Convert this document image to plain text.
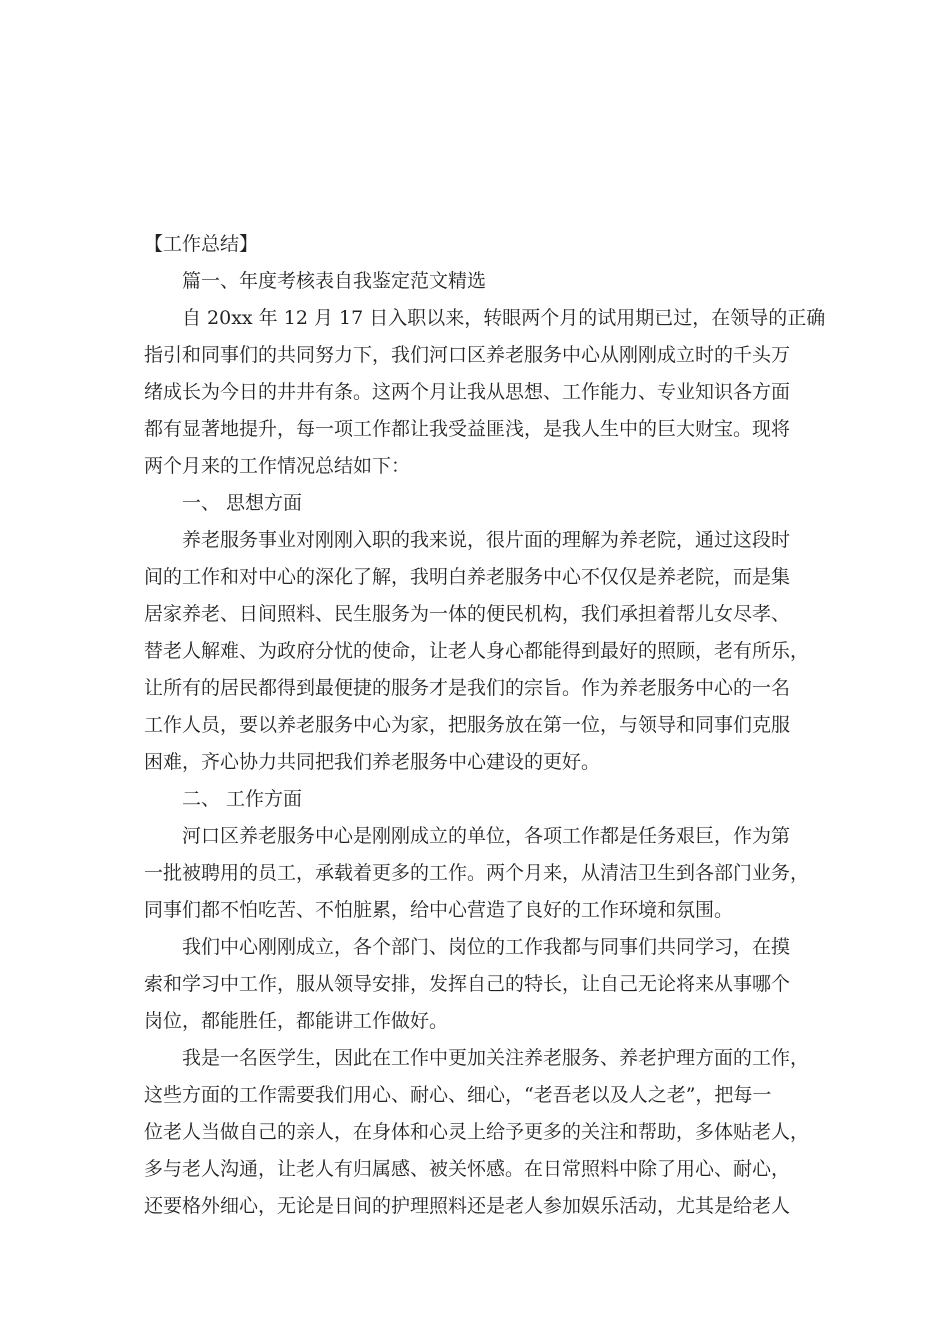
【工作总结】

篇一、年度考核表自我鉴定范文精选

自 20xx 年 12 月 17 日入职以来，转眼两个月的试用期已过，在领导的正确

指引和同事们的共同努力下，我们河口区养老服务中心从刚刚成立时的千头万

绪成长为今日的井井有条。这两个月让我从思想、工作能力、专业知识各方面

都有显著地提升，每一项工作都让我受益匪浅，是我人生中的巨大财宝。现将

两个月来的工作情况总结如下：

一、 思想方面

养老服务事业对刚刚入职的我来说，很片面的理解为养老院，通过这段时

间的工作和对中心的深化了解，我明白养老服务中心不仅仅是养老院，而是集

居家养老、日间照料、民生服务为一体的便民机构，我们承担着帮儿女尽孝、

替老人解难、为政府分忧的使命，让老人身心都能得到最好的照顾，老有所乐，

让所有的居民都得到最便捷的服务才是我们的宗旨。作为养老服务中心的一名

工作人员，要以养老服务中心为家，把服务放在第一位，与领导和同事们克服

困难，齐心协力共同把我们养老服务中心建设的更好。

二、 工作方面

河口区养老服务中心是刚刚成立的单位，各项工作都是任务艰巨，作为第

一批被聘用的员工，承载着更多的工作。两个月来，从清洁卫生到各部门业务，

同事们都不怕吃苦、不怕脏累，给中心营造了良好的工作环境和氛围。

我们中心刚刚成立，各个部门、岗位的工作我都与同事们共同学习，在摸

索和学习中工作，服从领导安排，发挥自己的特长，让自己无论将来从事哪个

岗位，都能胜任，都能讲工作做好。

我是一名医学生，因此在工作中更加关注养老服务、养老护理方面的工作，

这些方面的工作需要我们用心、耐心、细心，“老吾老以及人之老”，把每一

位老人当做自己的亲人，在身体和心灵上给予更多的关注和帮助，多体贴老人，

多与老人沟通，让老人有归属感、被关怀感。在日常照料中除了用心、耐心，

还要格外细心，无论是日间的护理照料还是老人参加娱乐活动，尤其是给老人
